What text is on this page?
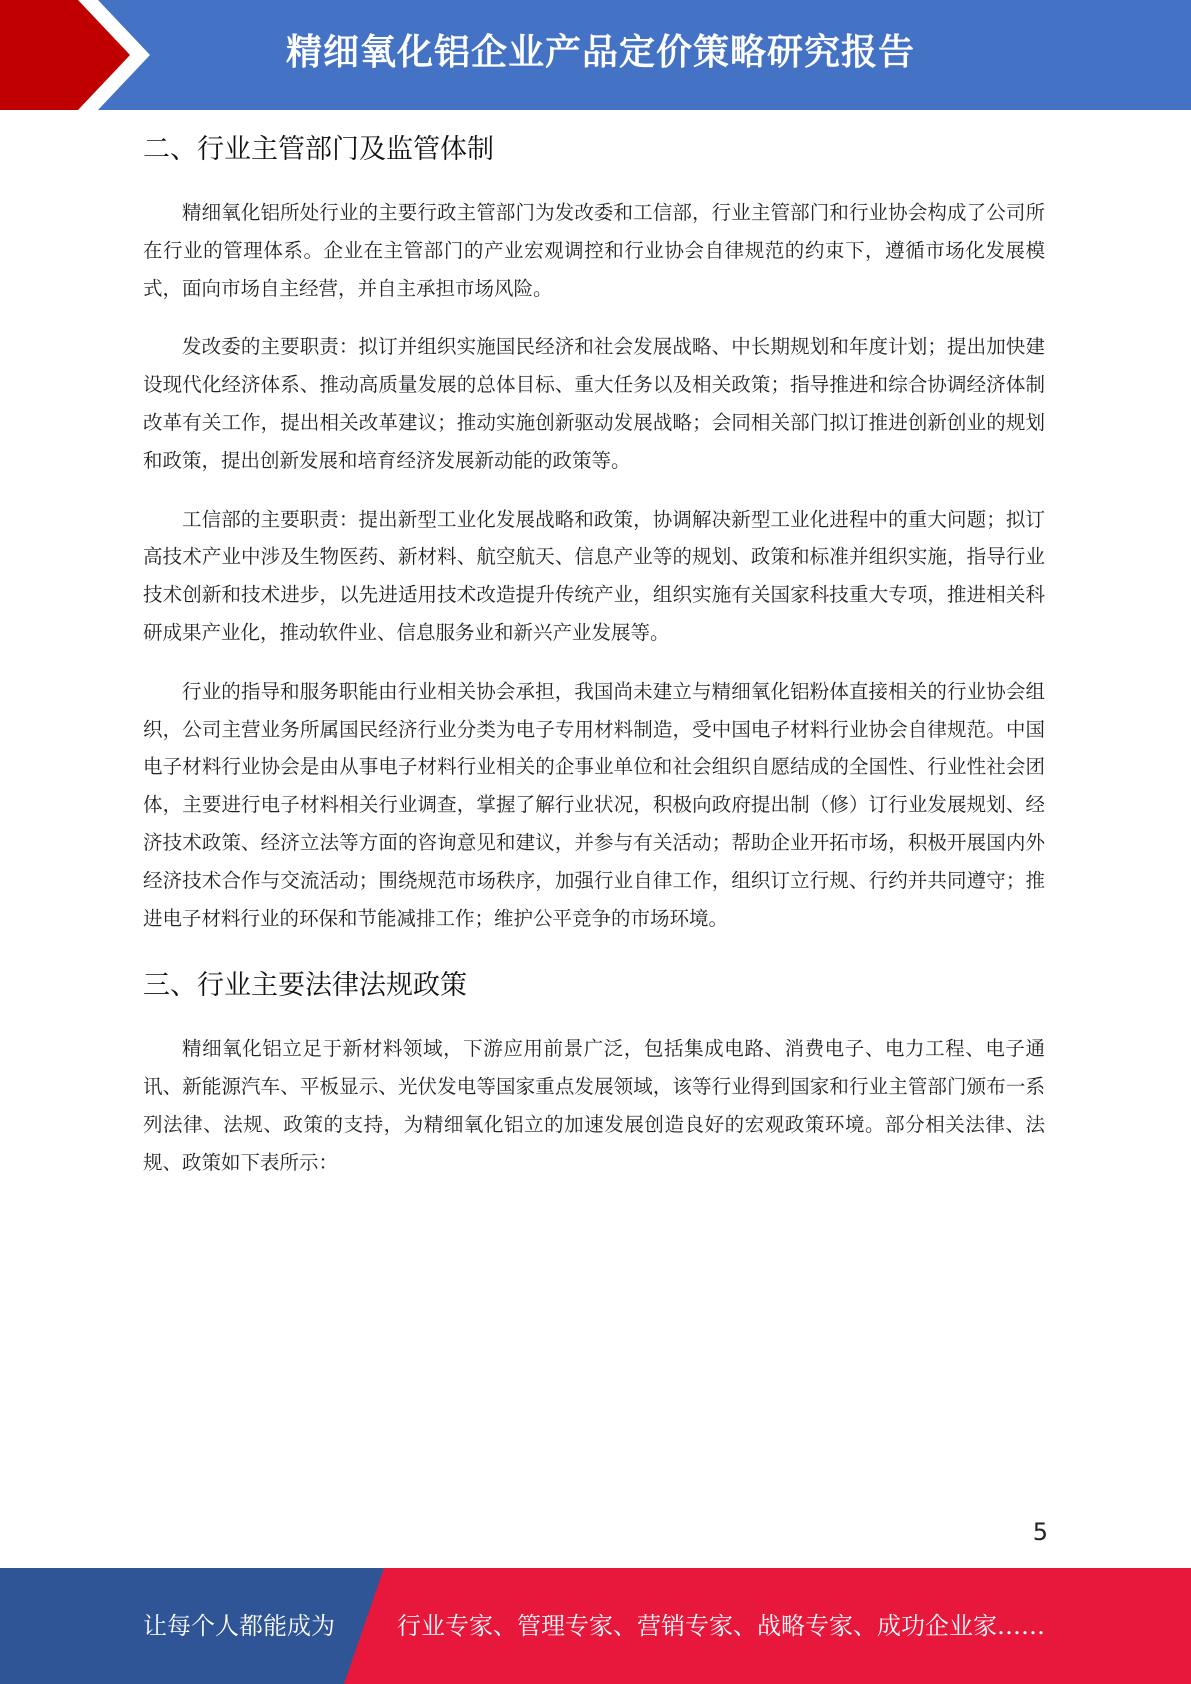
精细氧化铝企业产品定价策略研究报告
二、行业主管部门及监管体制

精细氧化铝所处行业的主要行政主管部门为发改委和工信部，行业主管部门和行业协会构成了公司所在行业的管理体系。企业在主管部门的产业宏观调控和行业协会自律规范的约束下，遵循市场化发展模式，面向市场自主经营，并自主承担市场风险。

发改委的主要职责：拟订并组织实施国民经济和社会发展战略、中长期规划和年度计划；提出加快建设现代化经济体系、推动高质量发展的总体目标、重大任务以及相关政策；指导推进和综合协调经济体制改革有关工作，提出相关改革建议；推动实施创新驱动发展战略；会同相关部门拟订推进创新创业的规划和政策，提出创新发展和培育经济发展新动能的政策等。

工信部的主要职责：提出新型工业化发展战略和政策，协调解决新型工业化进程中的重大问题；拟订高技术产业中涉及生物医药、新材料、航空航天、信息产业等的规划、政策和标准并组织实施，指导行业技术创新和技术进步，以先进适用技术改造提升传统产业，组织实施有关国家科技重大专项，推进相关科研成果产业化，推动软件业、信息服务业和新兴产业发展等。

行业的指导和服务职能由行业相关协会承担，我国尚未建立与精细氧化铝粉体直接相关的行业协会组织，公司主营业务所属国民经济行业分类为电子专用材料制造，受中国电子材料行业协会自律规范。中国电子材料行业协会是由从事电子材料行业相关的企事业单位和社会组织自愿结成的全国性、行业性社会团体，主要进行电子材料相关行业调查，掌握了解行业状况，积极向政府提出制（修）订行业发展规划、经济技术政策、经济立法等方面的咨询意见和建议，并参与有关活动；帮助企业开拓市场，积极开展国内外经济技术合作与交流活动；围绕规范市场秩序，加强行业自律工作，组织订立行规、行约并共同遵守；推进电子材料行业的环保和节能减排工作；维护公平竞争的市场环境。

三、行业主要法律法规政策

精细氧化铝立足于新材料领域，下游应用前景广泛，包括集成电路、消费电子、电力工程、电子通讯、新能源汽车、平板显示、光伏发电等国家重点发展领域，该等行业得到国家和行业主管部门颁布一系列法律、法规、政策的支持，为精细氧化铝立的加速发展创造良好的宏观政策环境。部分相关法律、法规、政策如下表所示：

5
让每个人都能成为	行业专家、管理专家、营销专家、战略专家、成功企业家……
